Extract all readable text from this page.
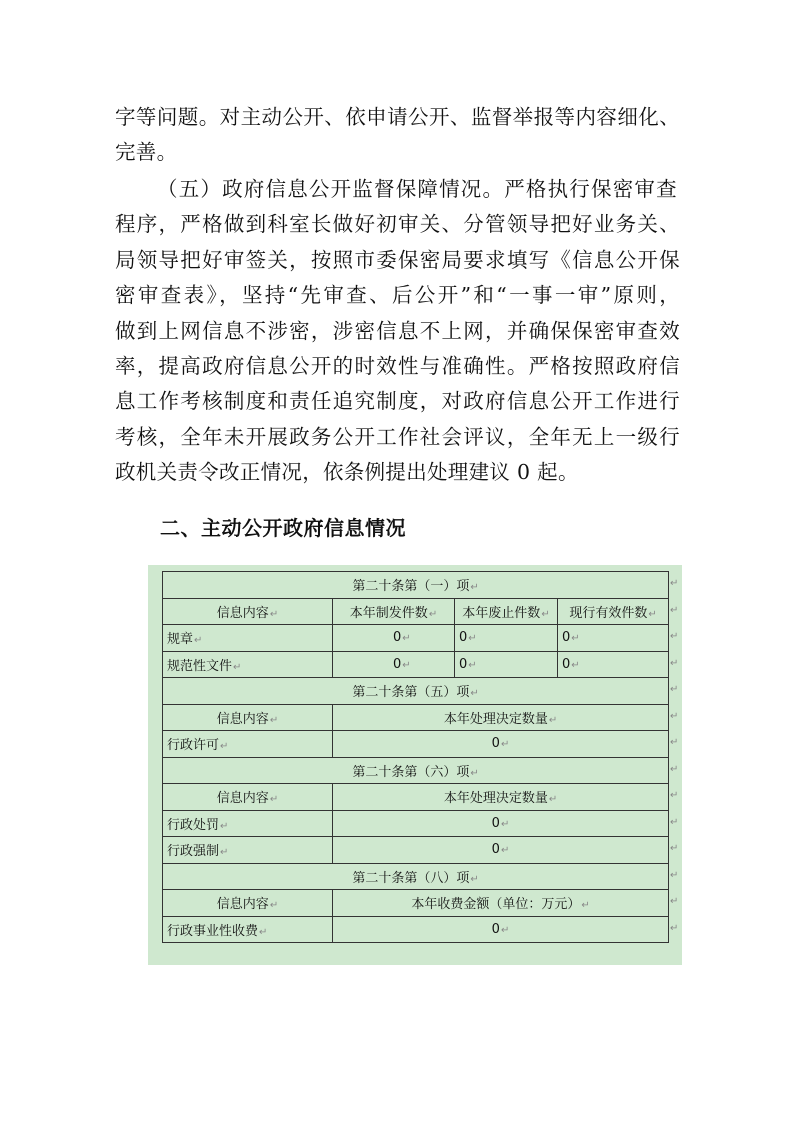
字等问题。对主动公开、依申请公开、监督举报等内容细化、
完善。
（五）政府信息公开监督保障情况。严格执行保密审查
程序，严格做到科室长做好初审关、分管领导把好业务关、
局领导把好审签关，按照市委保密局要求填写《信息公开保
密审查表》，坚持“先审查、后公开”和“一事一审”原则，
做到上网信息不涉密，涉密信息不上网，并确保保密审查效
率，提高政府信息公开的时效性与准确性。严格按照政府信
息工作考核制度和责任追究制度，对政府信息公开工作进行
考核，全年未开展政务公开工作社会评议，全年无上一级行
政机关责令改正情况，依条例提出处理建议 0 起。
二、主动公开政府信息情况
第二十条第（一）项↵			
信息内容↵	本年制发件数↵	本年废止件数↵	现行有效件数↵
规章↵	0↵	0↵	0↵
规范性文件↵	0↵	0↵	0↵
第二十条第（五）项↵			
信息内容↵	本年处理决定数量↵		
行政许可↵	0↵		
第二十条第（六）项↵			
信息内容↵	本年处理决定数量↵		
行政处罚↵	0↵		
行政强制↵	0↵		
第二十条第（八）项↵			
信息内容↵	本年收费金额（单位：万元）↵		
行政事业性收费↵	0↵		
↵
↵
↵
↵
↵
↵
↵
↵
↵
↵
↵
↵
↵
↵
